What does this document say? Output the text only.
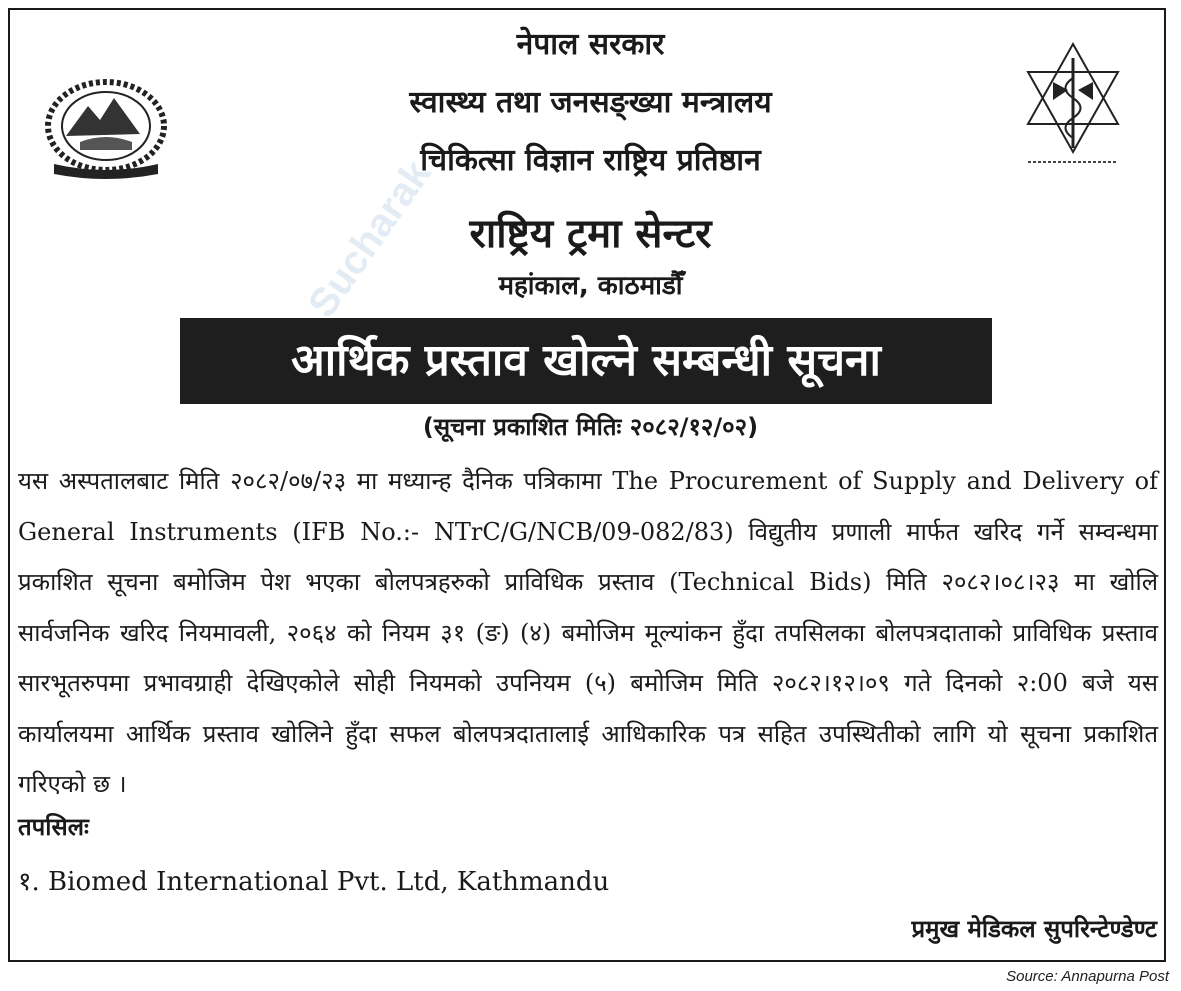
नेपाल सरकार
स्वास्थ्य तथा जनसङ्ख्या मन्त्रालय
चिकित्सा विज्ञान राष्ट्रिय प्रतिष्ठान
राष्ट्रिय ट्रमा सेन्टर
महांकाल, काठमाडौँ
आर्थिक प्रस्ताव खोल्ने सम्बन्धी सूचना
(सूचना प्रकाशित मितिः २०८२/१२/०२)

यस अस्पतालबाट मिति २०८२/०७/२३ मा मध्यान्ह दैनिक पत्रिकामा The Procurement of Supply and Delivery of General Instruments (IFB No.:- NTrC/G/NCB/09-082/83) विद्युतीय प्रणाली मार्फत खरिद गर्ने सम्वन्धमा प्रकाशित सूचना बमोजिम पेश भएका बोलपत्रहरुको प्राविधिक प्रस्ताव (Technical Bids) मिति २०८२।०८।२३ मा खोलि सार्वजनिक खरिद नियमावली, २०६४ को नियम ३१ (ङ) (४) बमोजिम मूल्यांकन हुँदा तपसिलका बोलपत्रदाताको प्राविधिक प्रस्ताव सारभूतरुपमा प्रभावग्राही देखिएकोले सोही नियमको उपनियम (५) बमोजिम मिति २०८२।१२।०९ गते दिनको २:00 बजे यस कार्यालयमा आर्थिक प्रस्ताव खोलिने हुँदा सफल बोलपत्रदातालाई आधिकारिक पत्र सहित उपस्थितीको लागि यो सूचना प्रकाशित गरिएको छ ।

तपसिलः
१. Biomed International Pvt. Ltd, Kathmandu
प्रमुख मेडिकल सुपरिन्टेण्डेण्ट
Source: Annapurna Post
